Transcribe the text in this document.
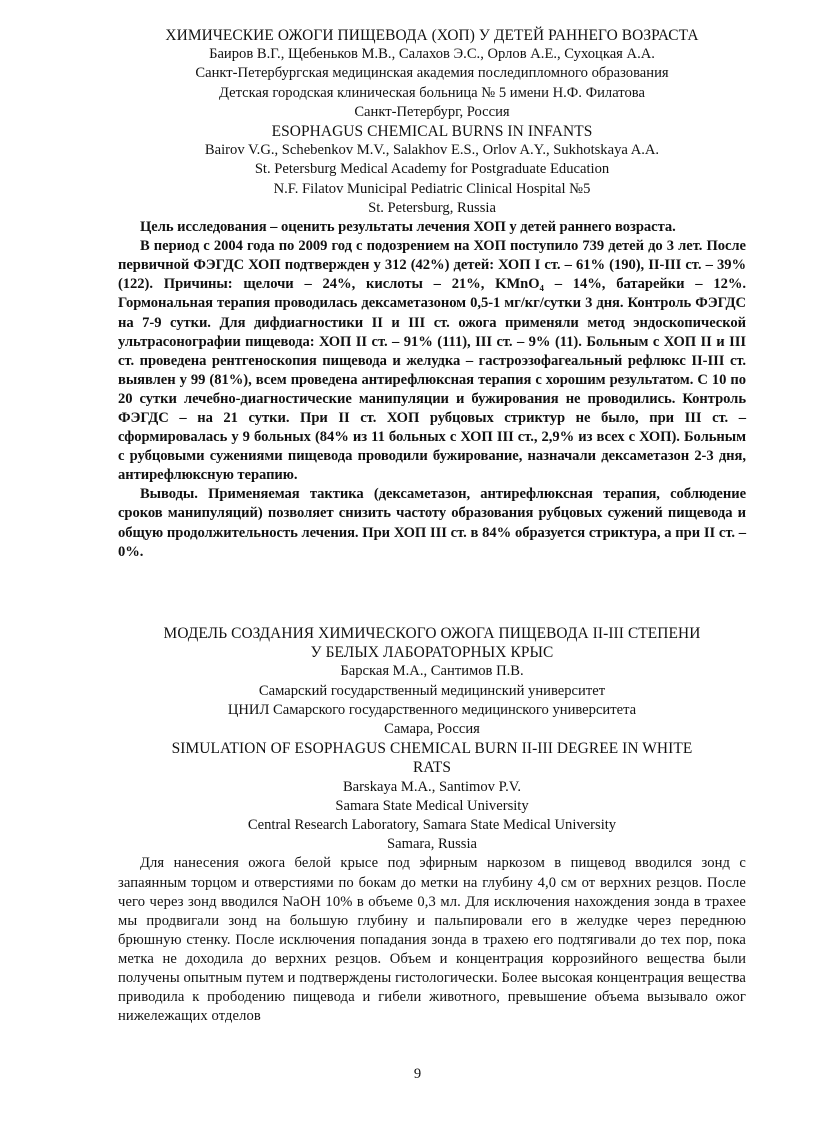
ХИМИЧЕСКИЕ ОЖОГИ ПИЩЕВОДА (ХОП) У ДЕТЕЙ РАННЕГО ВОЗРАСТА

Баиров В.Г., Щебеньков М.В., Салахов Э.С., Орлов А.Е., Сухоцкая А.А.

Санкт-Петербургская медицинская академия последипломного образования

Детская городская клиническая больница № 5 имени Н.Ф. Филатова

Санкт-Петербург, Россия

ESOPHAGUS CHEMICAL BURNS IN INFANTS

Bairov V.G., Schebenkov M.V., Salakhov E.S., Orlov A.Y., Sukhotskaya A.A.

St. Petersburg Medical Academy for Postgraduate Education

N.F. Filatov Municipal Pediatric Clinical Hospital №5

St. Petersburg, Russia

Цель исследования – оценить результаты лечения ХОП у детей раннего возраста.

В период с 2004 года по 2009 год с подозрением на ХОП поступило 739 детей до 3 лет. После первичной ФЭГДС ХОП подтвержден у 312 (42%) детей: ХОП I ст. – 61% (190), II-III ст. – 39% (122). Причины: щелочи – 24%, кислоты – 21%, KMnO₄ – 14%, батарейки – 12%. Гормональная терапия проводилась дексаметазоном 0,5-1 мг/кг/сутки 3 дня. Контроль ФЭГДС на 7-9 сутки. Для дифдиагностики II и III ст. ожога применяли метод эндоскопической ультрасонографии пищевода: ХОП II ст. – 91% (111), III ст. – 9% (11). Больным с ХОП II и III ст. проведена рентгеноскопия пищевода и желудка – гастроэзофагеальный рефлюкс II-III ст. выявлен у 99 (81%), всем проведена антирефлюксная терапия с хорошим результатом. С 10 по 20 сутки лечебно-диагностические манипуляции и бужирования не проводились. Контроль ФЭГДС – на 21 сутки. При II ст. ХОП рубцовых стриктур не было, при III ст. – сформировалась у 9 больных (84% из 11 больных с ХОП III ст., 2,9% из всех с ХОП). Больным с рубцовыми сужениями пищевода проводили бужирование, назначали дексаметазон 2-3 дня, антирефлюксную терапию.

Выводы. Применяемая тактика (дексаметазон, антирефлюксная терапия, соблюдение сроков манипуляций) позволяет снизить частоту образования рубцовых сужений пищевода и общую продолжительность лечения. При ХОП III ст. в 84% образуется стриктура, а при II ст. – 0%.

МОДЕЛЬ СОЗДАНИЯ ХИМИЧЕСКОГО ОЖОГА ПИЩЕВОДА II-III СТЕПЕНИ

У БЕЛЫХ ЛАБОРАТОРНЫХ КРЫС

Барская М.А., Сантимов П.В.

Самарский государственный медицинский университет

ЦНИЛ Самарского государственного медицинского университета

Самара, Россия

SIMULATION OF ESOPHAGUS CHEMICAL BURN II-III DEGREE IN WHITE

RATS

Barskaya M.A., Santimov P.V.

Samara State Medical University

Central Research Laboratory, Samara State Medical University

Samara, Russia

Для нанесения ожога белой крысе под эфирным наркозом в пищевод вводился зонд с запаянным торцом и отверстиями по бокам до метки на глубину 4,0 см от верхних резцов. После чего через зонд вводился NaOH 10% в объеме 0,3 мл. Для исключения нахождения зонда в трахее мы продвигали зонд на большую глубину и пальпировали его в желудке через переднюю брюшную стенку. После исключения попадания зонда в трахею его подтягивали до тех пор, пока метка не доходила до верхних резцов. Объем и концентрация коррозийного вещества были получены опытным путем и подтверждены гистологически. Более высокая концентрация вещества приводила к прободению пищевода и гибели животного, превышение объема вызывало ожог нижележащих отделов

9
